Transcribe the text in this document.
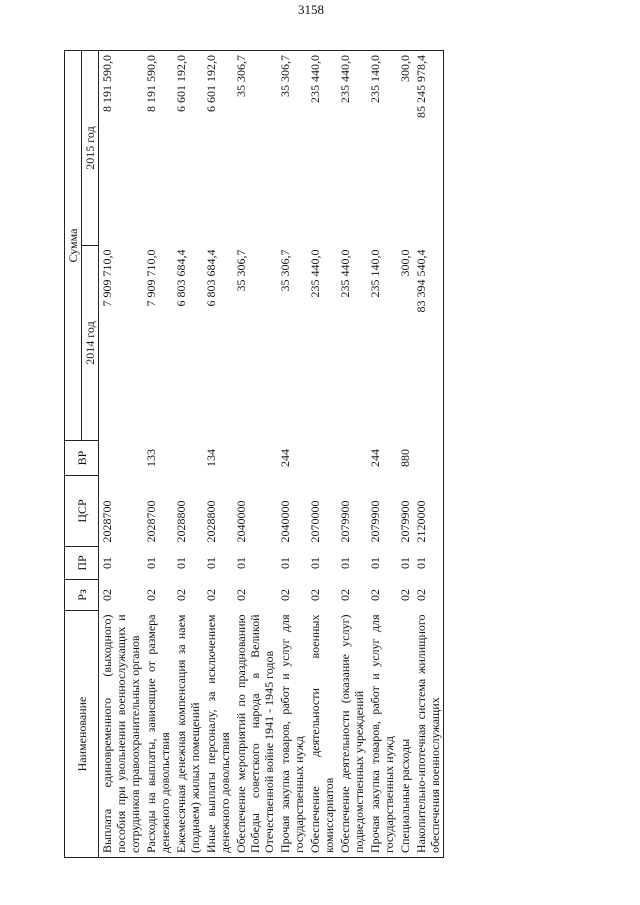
3158
Наименование	Рз	ПР	ЦСР	ВР	Сумма	
					2014 год	2015 год
Выплата единовременного (выходного) пособия при увольнении военнослужащих и сотрудников правоохранительных органов	02	01	2028700		7 909 710,0	8 191 590,0
Расходы на выплаты, зависящие от размера денежного довольствия	02	01	2028700	133	7 909 710,0	8 191 590,0
Ежемесячная денежная компенсация за наем (поднаем) жилых помещений	02	01	2028800		6 803 684,4	6 601 192,0
Иные выплаты персоналу, за исключением денежного довольствия	02	01	2028800	134	6 803 684,4	6 601 192,0
Обеспечение мероприятий по празднованию Победы советского народа в Великой Отечественной войне 1941 - 1945 годов	02	01	2040000		35 306,7	35 306,7
Прочая закупка товаров, работ и услуг для государственных нужд	02	01	2040000	244	35 306,7	35 306,7
Обеспечение деятельности военных комиссариатов	02	01	2070000		235 440,0	235 440,0
Обеспечение деятельности (оказание услуг) подведомственных учреждений	02	01	2079900		235 440,0	235 440,0
Прочая закупка товаров, работ и услуг для государственных нужд	02	01	2079900	244	235 140,0	235 140,0
Специальные расходы	02	01	2079900	880	300,0	300,0
Накопительно-ипотечная система жилищного обеспечения военнослужащих	02	01	2120000		83 394 540,4	85 245 978,4
